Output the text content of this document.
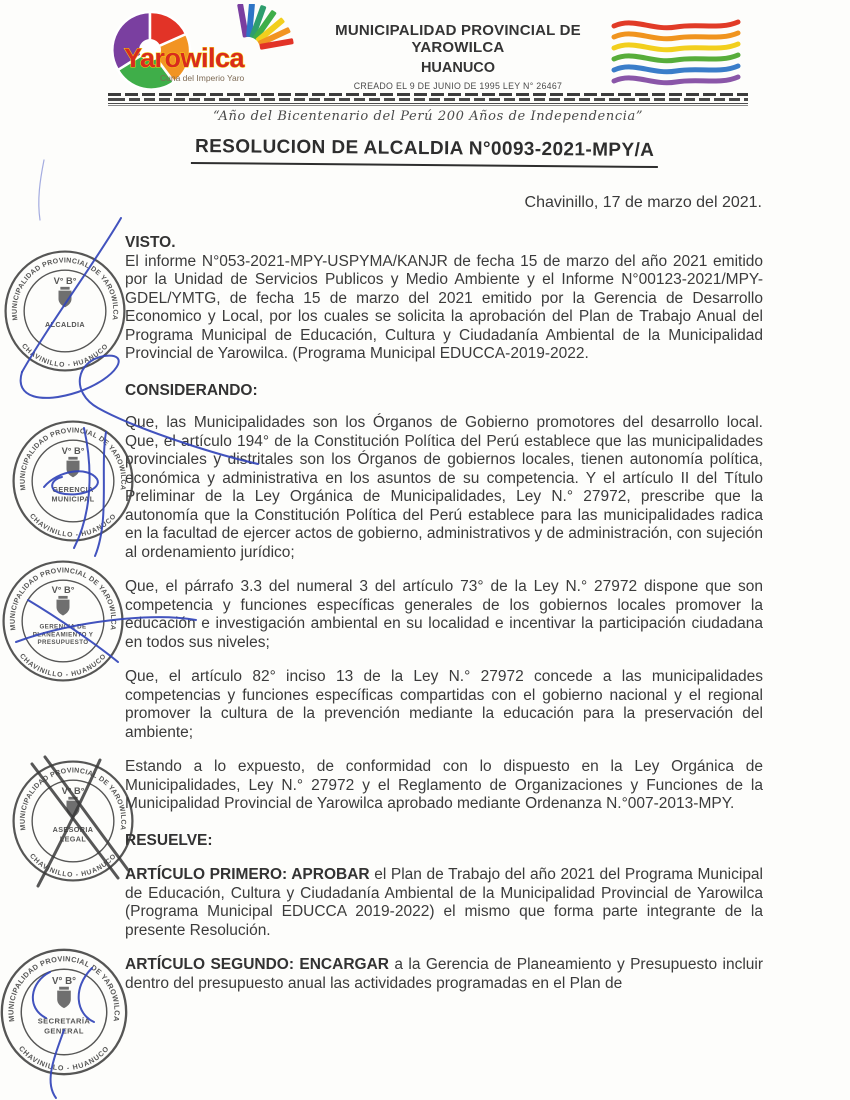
Yarowilca
Cuna del Imperio Yaro
MUNICIPALIDAD PROVINCIAL DE YAROWILCA
HUANUCO
CREADO EL 9 DE JUNIO DE 1995 LEY N° 26467
“Año del Bicentenario del Perú 200 Años de Independencia”
RESOLUCION DE ALCALDIA N°0093-2021-MPY/A
Chavinillo, 17 de marzo del 2021.

VISTO.

El informe N°053-2021-MPY-USPYMA/KANJR de fecha 15 de marzo del año 2021 emitido por la Unidad de Servicios Publicos y Medio Ambiente y el Informe N°00123-2021/MPY-GDEL/YMTG, de fecha 15 de marzo del 2021 emitido por la Gerencia de Desarrollo Economico y Local, por los cuales se solicita la aprobación del Plan de Trabajo Anual del Programa Municipal de Educación, Cultura y Ciudadanía Ambiental de la Municipalidad Provincial de Yarowilca. (Programa Municipal EDUCCA-2019-2022.

CONSIDERANDO:

Que, las Municipalidades son los Órganos de Gobierno promotores del desarrollo local. Que, el artículo 194° de la Constitución Política del Perú establece que las municipalidades provinciales y distritales son los Órganos de gobiernos locales, tienen autonomía política, económica y administrativa en los asuntos de su competencia. Y el artículo II del Título Preliminar de la Ley Orgánica de Municipalidades, Ley N.° 27972, prescribe que la autonomía que la Constitución Política del Perú establece para las municipalidades radica en la facultad de ejercer actos de gobierno, administrativos y de administración, con sujeción al ordenamiento jurídico;

Que, el párrafo 3.3 del numeral 3 del artículo 73° de la Ley N.° 27972 dispone que son competencia y funciones específicas generales de los gobiernos locales promover la educación e investigación ambiental en su localidad e incentivar la participación ciudadana en todos sus niveles;

Que, el artículo 82° inciso 13 de la Ley N.° 27972 concede a las municipalidades competencias y funciones específicas compartidas con el gobierno nacional y el regional promover la cultura de la prevención mediante la educación para la preservación del ambiente;

Estando a lo expuesto, de conformidad con lo dispuesto en la Ley Orgánica de Municipalidades, Ley N.° 27972 y el Reglamento de Organizaciones y Funciones de la Municipalidad Provincial de Yarowilca aprobado mediante Ordenanza N.°007-2013-MPY.

RESUELVE:

ARTÍCULO PRIMERO: APROBAR el Plan de Trabajo del año 2021 del Programa Municipal de Educación, Cultura y Ciudadanía Ambiental de la Municipalidad Provincial de Yarowilca (Programa Municipal EDUCCA 2019-2022) el mismo que forma parte integrante de la presente Resolución.

ARTÍCULO SEGUNDO: ENCARGAR a la Gerencia de Planeamiento y Presupuesto incluir dentro del presupuesto anual las actividades programadas en el Plan de

MUNICIPALIDAD PROVINCIAL DE YAROWILCA
CHAVINILLO - HUANUCO
V° B°
ALCALDIA
MUNICIPALIDAD PROVINCIAL DE YAROWILCA
CHAVINILLO - HUANUCO
V° B°
GERENCIA
MUNICIPAL
MUNICIPALIDAD PROVINCIAL DE YAROWILCA
CHAVINILLO - HUANUCO
V° B°
GERENCIA DE
PLANEAMIENTO Y
PRESUPUESTO
MUNICIPALIDAD PROVINCIAL DE YAROWILCA
CHAVINILLO - HUANUCO
V° B°
ASESORIA
LEGAL
MUNICIPALIDAD PROVINCIAL DE YAROWILCA
CHAVINILLO - HUANUCO
V° B°
SECRETARÍA
GENERAL
